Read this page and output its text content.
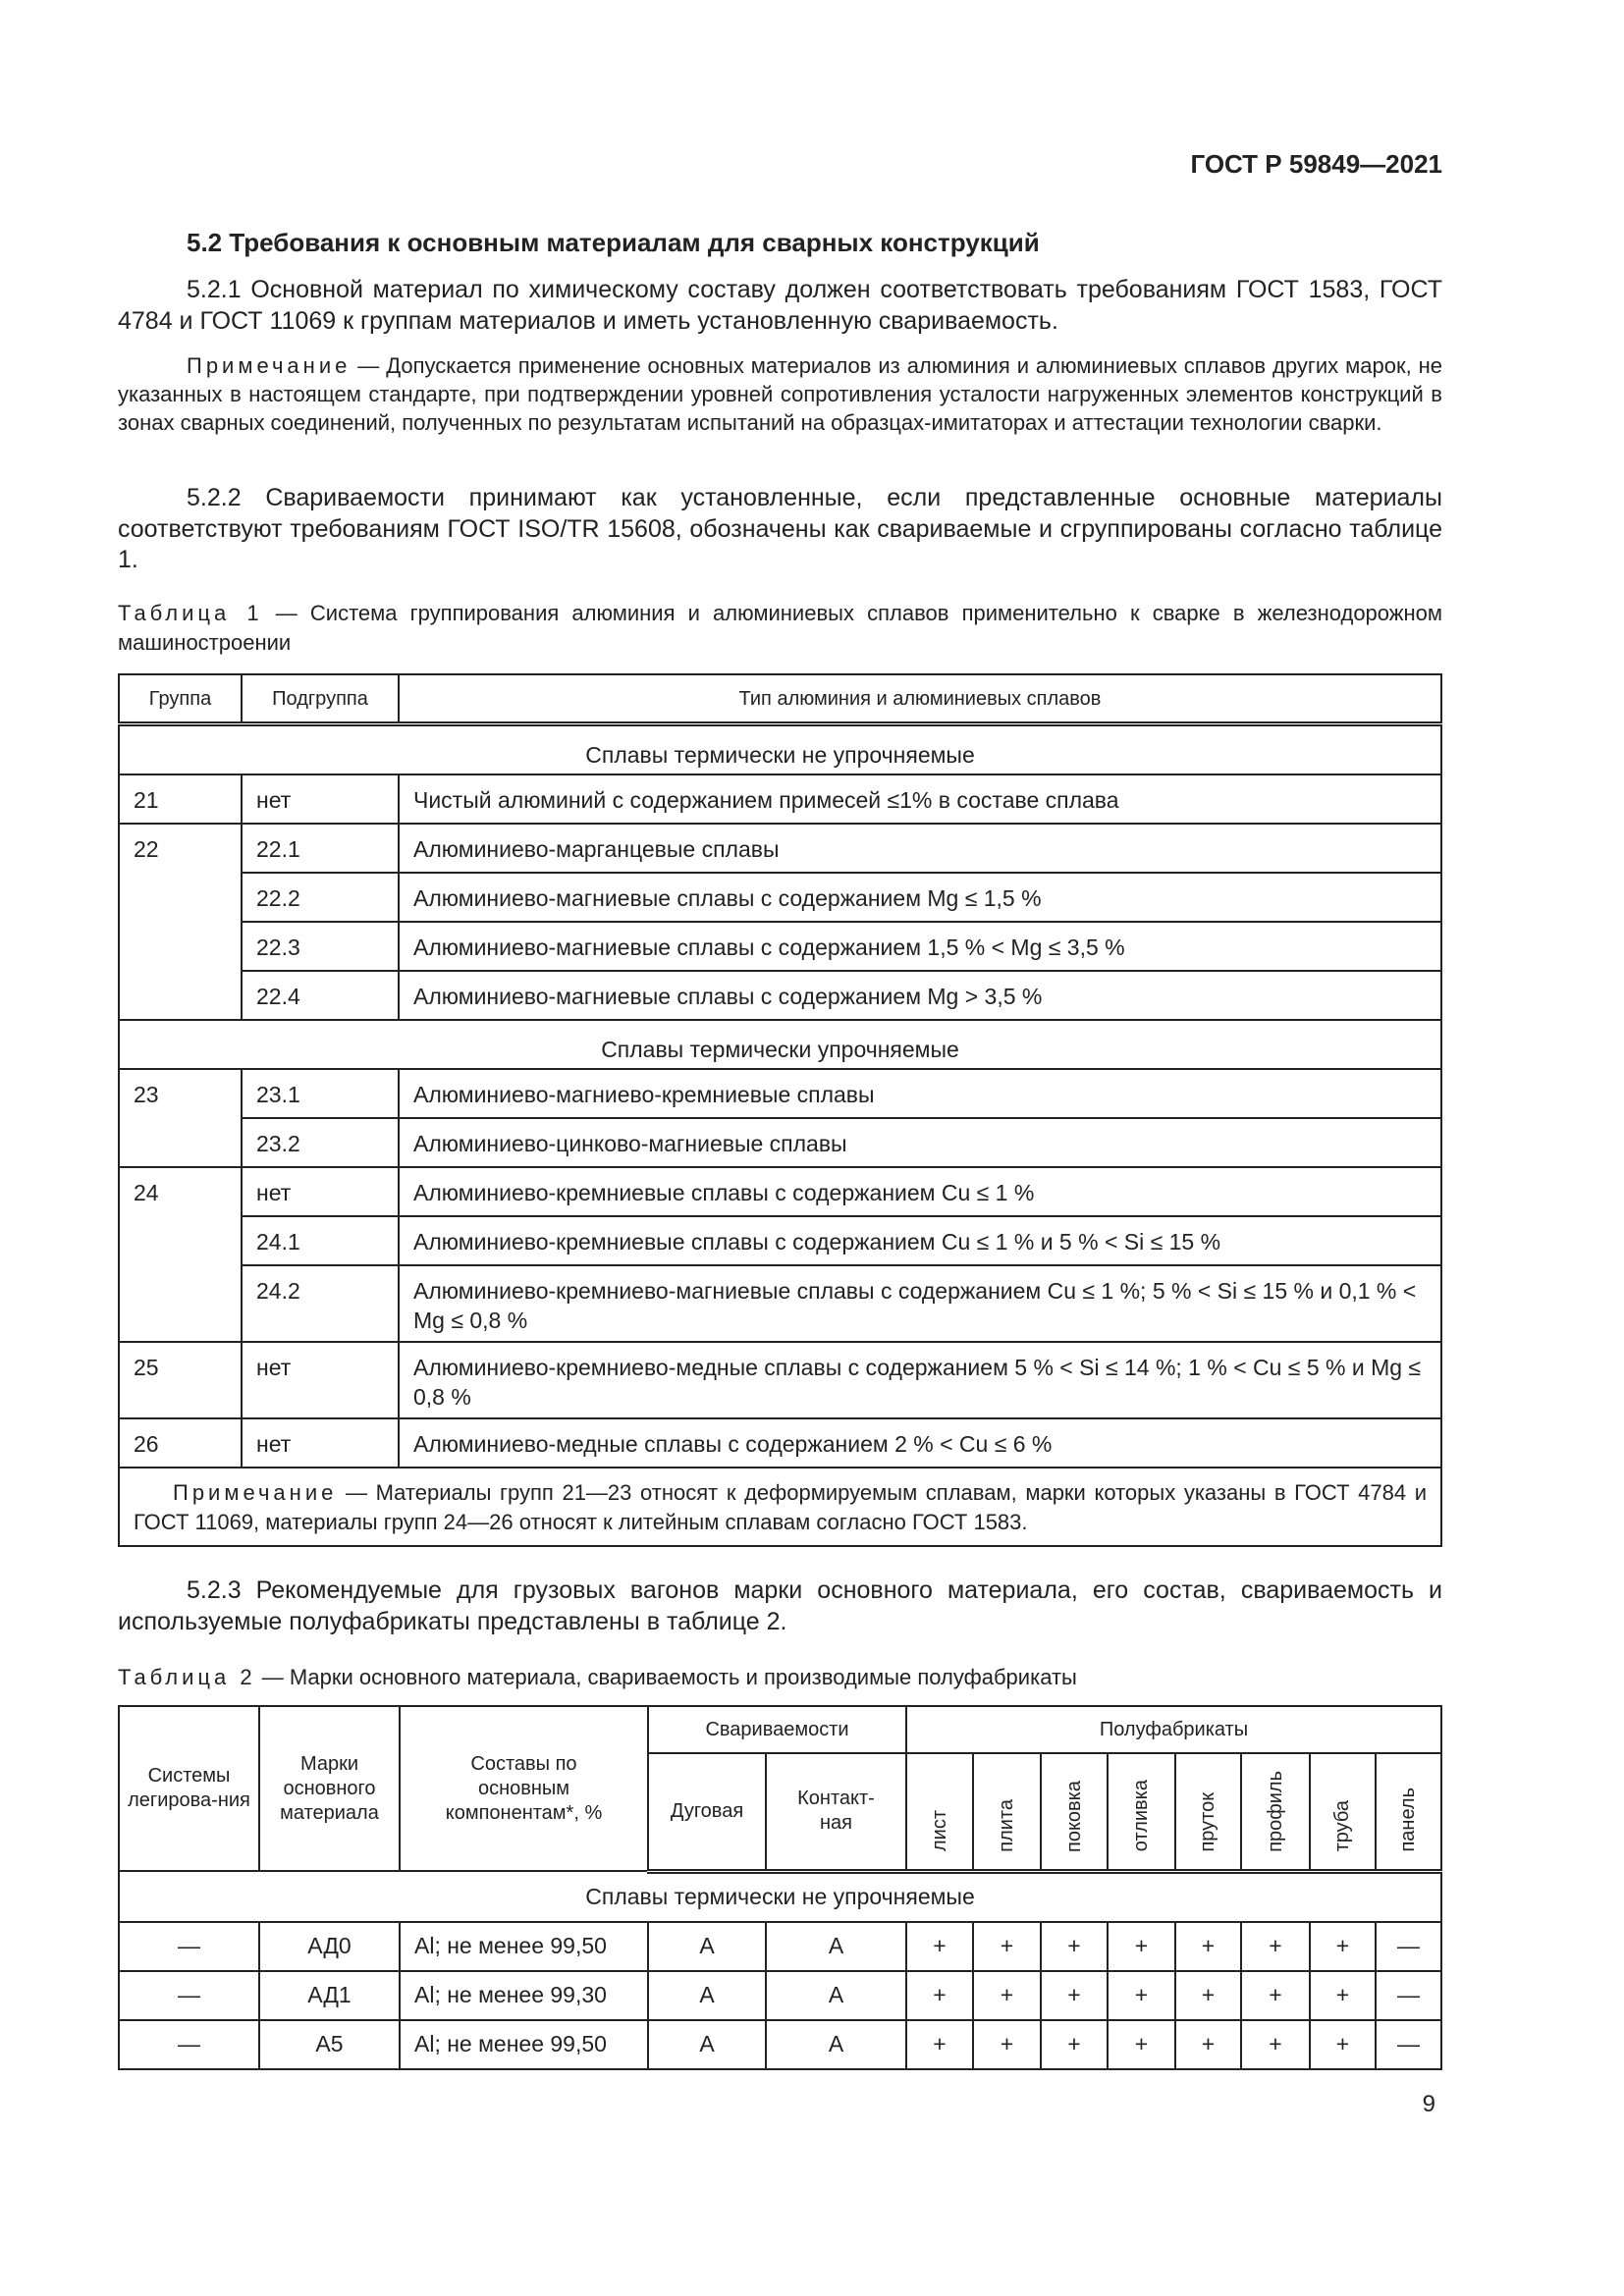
ГОСТ Р 59849—2021
5.2 Требования к основным материалам для сварных конструкций
5.2.1 Основной материал по химическому составу должен соответствовать требованиям ГОСТ 1583, ГОСТ 4784 и ГОСТ 11069 к группам материалов и иметь установленную свариваемость.
Примечание — Допускается применение основных материалов из алюминия и алюминиевых сплавов других марок, не указанных в настоящем стандарте, при подтверждении уровней сопротивления усталости нагруженных элементов конструкций в зонах сварных соединений, полученных по результатам испытаний на образцах-имитаторах и аттестации технологии сварки.
5.2.2 Свариваемости принимают как установленные, если представленные основные материалы соответствуют требованиям ГОСТ ISO/TR 15608, обозначены как свариваемые и сгруппированы согласно таблице 1.
Таблица 1 — Система группирования алюминия и алюминиевых сплавов применительно к сварке в железнодорожном машиностроении
Группа	Подгруппа	Тип алюминия и алюминиевых сплавов
Сплавы термически не упрочняемые		
21	нет	Чистый алюминий с содержанием примесей ≤1% в составе сплава
22	22.1	Алюминиево-марганцевые сплавы
	22.2	Алюминиево-магниевые сплавы с содержанием Mg ≤ 1,5 %
	22.3	Алюминиево-магниевые сплавы с содержанием 1,5 % < Mg ≤ 3,5 %
	22.4	Алюминиево-магниевые сплавы с содержанием Mg > 3,5 %
Сплавы термически упрочняемые		
23	23.1	Алюминиево-магниево-кремниевые сплавы
	23.2	Алюминиево-цинково-магниевые сплавы
24	нет	Алюминиево-кремниевые сплавы с содержанием Cu ≤ 1 %
	24.1	Алюминиево-кремниевые сплавы с содержанием Cu ≤ 1 % и 5 % < Si ≤ 15 %
	24.2	Алюминиево-кремниево-магниевые сплавы с содержанием Cu ≤ 1 %; 5 % < Si ≤ 15 % и 0,1 % < Mg ≤ 0,8 %
25	нет	Алюминиево-кремниево-медные сплавы с содержанием 5 % < Si ≤ 14 %; 1 % < Cu ≤ 5 % и Mg ≤ 0,8 %
26	нет	Алюминиево-медные сплавы с содержанием 2 % < Cu ≤ 6 %
Примечание — Материалы групп 21—23 относят к деформируемым сплавам, марки которых указаны в ГОСТ 4784 и ГОСТ 11069, материалы групп 24—26 относят к литейным сплавам согласно ГОСТ 1583.		
5.2.3 Рекомендуемые для грузовых вагонов марки основного материала, его состав, свариваемость и используемые полуфабрикаты представлены в таблице 2.
Таблица 2 — Марки основного материала, свариваемость и производимые полуфабрикаты
Системы легирова-ния	Марки основного материала	Составы по основным компонентам*, %	Свариваемости		Полуфабрикаты							
			Дуговая	Контакт-ная	лист	плита	поковка	отливка	пруток	профиль	труба	панель
Сплавы термически не упрочняемые												
—	АД0	Al; не менее 99,50	А	А	+	+	+	+	+	+	+	—
—	АД1	Al; не менее 99,30	А	А	+	+	+	+	+	+	+	—
—	А5	Al; не менее 99,50	А	А	+	+	+	+	+	+	+	—
9
